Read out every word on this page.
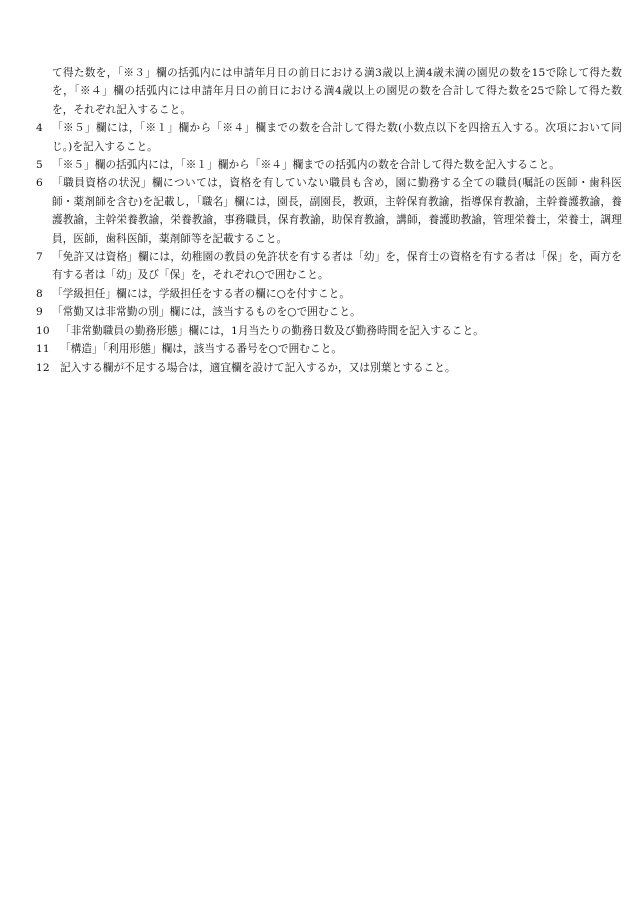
て得た数を，「※３」欄の括弧内には申請年月日の前日における満3歳以上満4歳未満の園児の数を15で除して得た数を，「※４」欄の括弧内には申請年月日の前日における満4歳以上の園児の数を合計して得た数を25で除して得た数を，それぞれ記入すること。
4 「※５」欄には，「※１」欄から「※４」欄までの数を合計して得た数(小数点以下を四捨五入する。次項において同じ。)を記入すること。
5 「※５」欄の括弧内には，「※１」欄から「※４」欄までの括弧内の数を合計して得た数を記入すること。
6 「職員資格の状況」欄については，資格を有していない職員も含め，園に勤務する全ての職員(嘱託の医師・歯科医師・薬剤師を含む)を記載し，「職名」欄には，園長，副園長，教頭，主幹保育教諭，指導保育教諭，主幹養護教諭，養護教諭，主幹栄養教諭，栄養教諭，事務職員，保育教諭，助保育教諭，講師，養護助教諭，管理栄養士，栄養士，調理員，医師，歯科医師，薬剤師等を記載すること。
7 「免許又は資格」欄には，幼稚園の教員の免許状を有する者は「幼」を，保育士の資格を有する者は「保」を，両方を有する者は「幼」及び「保」を，それぞれ○で囲むこと。
8 「学級担任」欄には，学級担任をする者の欄に○を付すこと。
9 「常勤又は非常勤の別」欄には，該当するものを○で囲むこと。
10 「非常勤職員の勤務形態」欄には，1月当たりの勤務日数及び勤務時間を記入すること。
11 「構造」「利用形態」欄は，該当する番号を○で囲むこと。
12 記入する欄が不足する場合は，適宜欄を設けて記入するか，又は別葉とすること。
